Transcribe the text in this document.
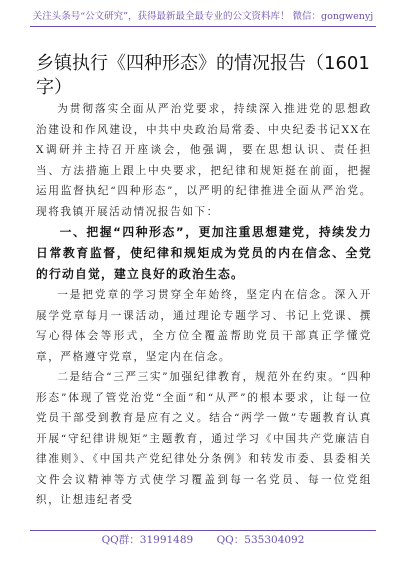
关注头条号“公文研究”，获得最新最全最专业的公文资料库！ 微信：gongwenyj
乡镇执行《四种形态》的情况报告（1601字）

为贯彻落实全面从严治党要求，持续深入推进党的思想政治建设和作风建设，中共中央政治局常委、中央纪委书记XX在X调研并主持召开座谈会，他强调，要在思想认识、责任担当、方法措施上跟上中央要求，把纪律和规矩挺在前面，把握运用监督执纪“四种形态”，以严明的纪律推进全面从严治党。现将我镇开展活动情况报告如下：

一、把握“四种形态”，更加注重思想建党，持续发力日常教育监督，使纪律和规矩成为党员的内在信念、全党的行动自觉，建立良好的政治生态。

一是把党章的学习贯穿全年始终，坚定内在信念。深入开展学党章每月一课活动，通过理论专题学习、书记上党课、撰写心得体会等形式，全方位全覆盖帮助党员干部真正学懂党章，严格遵守党章，坚定内在信念。

二是结合“三严三实”加强纪律教育，规范外在约束。“四种形态”体现了管党治党“全面”和“从严”的根本要求，让每一位党员干部受到教育是应有之义。结合“两学一做”专题教育认真开展“守纪律讲规矩”主题教育，通过学习《中国共产党廉洁自律准则》、《中国共产党纪律处分条例》和转发市委、县委相关文件会议精神等方式使学习覆盖到每一名党员、每一位党组织，让想违纪者受

QQ群：31991489 QQ：535304092
